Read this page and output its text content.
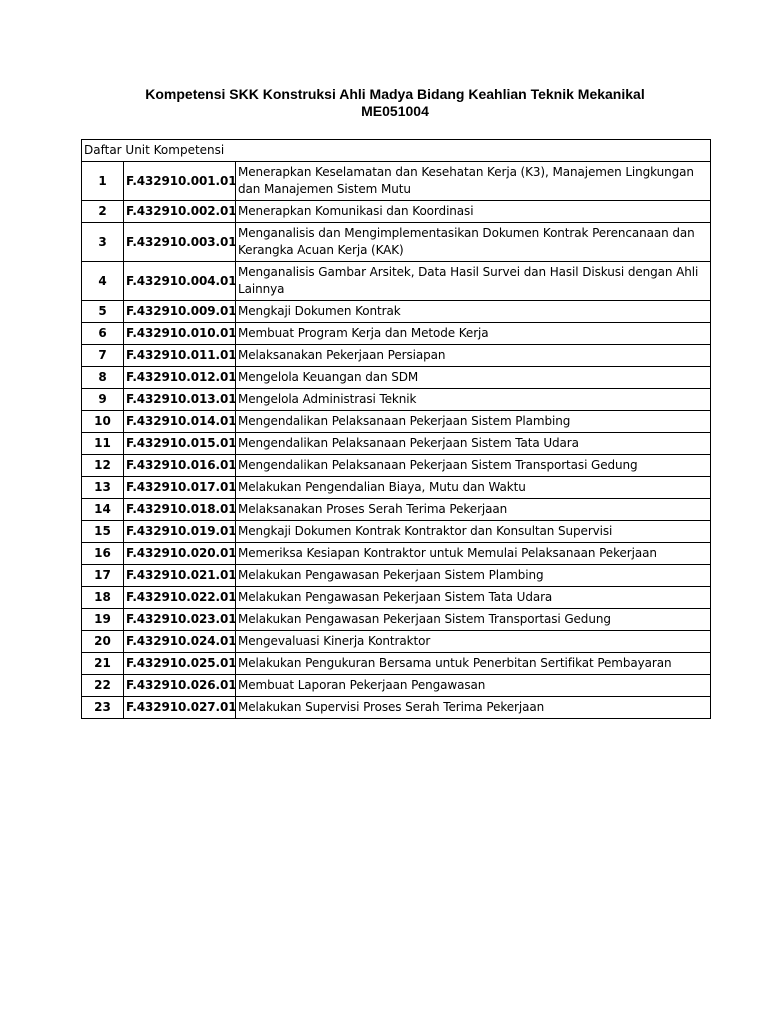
Kompetensi SKK Konstruksi Ahli Madya Bidang Keahlian Teknik Mekanikal
ME051004
Daftar Unit Kompetensi		
1	F.432910.001.01	Menerapkan Keselamatan dan Kesehatan Kerja (K3), Manajemen Lingkungan dan Manajemen Sistem Mutu
2	F.432910.002.01	Menerapkan Komunikasi dan Koordinasi
3	F.432910.003.01	Menganalisis dan Mengimplementasikan Dokumen Kontrak Perencanaan dan Kerangka Acuan Kerja (KAK)
4	F.432910.004.01	Menganalisis Gambar Arsitek, Data Hasil Survei dan Hasil Diskusi dengan Ahli Lainnya
5	F.432910.009.01	Mengkaji Dokumen Kontrak
6	F.432910.010.01	Membuat Program Kerja dan Metode Kerja
7	F.432910.011.01	Melaksanakan Pekerjaan Persiapan
8	F.432910.012.01	Mengelola Keuangan dan SDM
9	F.432910.013.01	Mengelola Administrasi Teknik
10	F.432910.014.01	Mengendalikan Pelaksanaan Pekerjaan Sistem Plambing
11	F.432910.015.01	Mengendalikan Pelaksanaan Pekerjaan Sistem Tata Udara
12	F.432910.016.01	Mengendalikan Pelaksanaan Pekerjaan Sistem Transportasi Gedung
13	F.432910.017.01	Melakukan Pengendalian Biaya, Mutu dan Waktu
14	F.432910.018.01	Melaksanakan Proses Serah Terima Pekerjaan
15	F.432910.019.01	Mengkaji Dokumen Kontrak Kontraktor dan Konsultan Supervisi
16	F.432910.020.01	Memeriksa Kesiapan Kontraktor untuk Memulai Pelaksanaan Pekerjaan
17	F.432910.021.01	Melakukan Pengawasan Pekerjaan Sistem Plambing
18	F.432910.022.01	Melakukan Pengawasan Pekerjaan Sistem Tata Udara
19	F.432910.023.01	Melakukan Pengawasan Pekerjaan Sistem Transportasi Gedung
20	F.432910.024.01	Mengevaluasi Kinerja Kontraktor
21	F.432910.025.01	Melakukan Pengukuran Bersama untuk Penerbitan Sertifikat Pembayaran
22	F.432910.026.01	Membuat Laporan Pekerjaan Pengawasan
23	F.432910.027.01	Melakukan Supervisi Proses Serah Terima Pekerjaan
